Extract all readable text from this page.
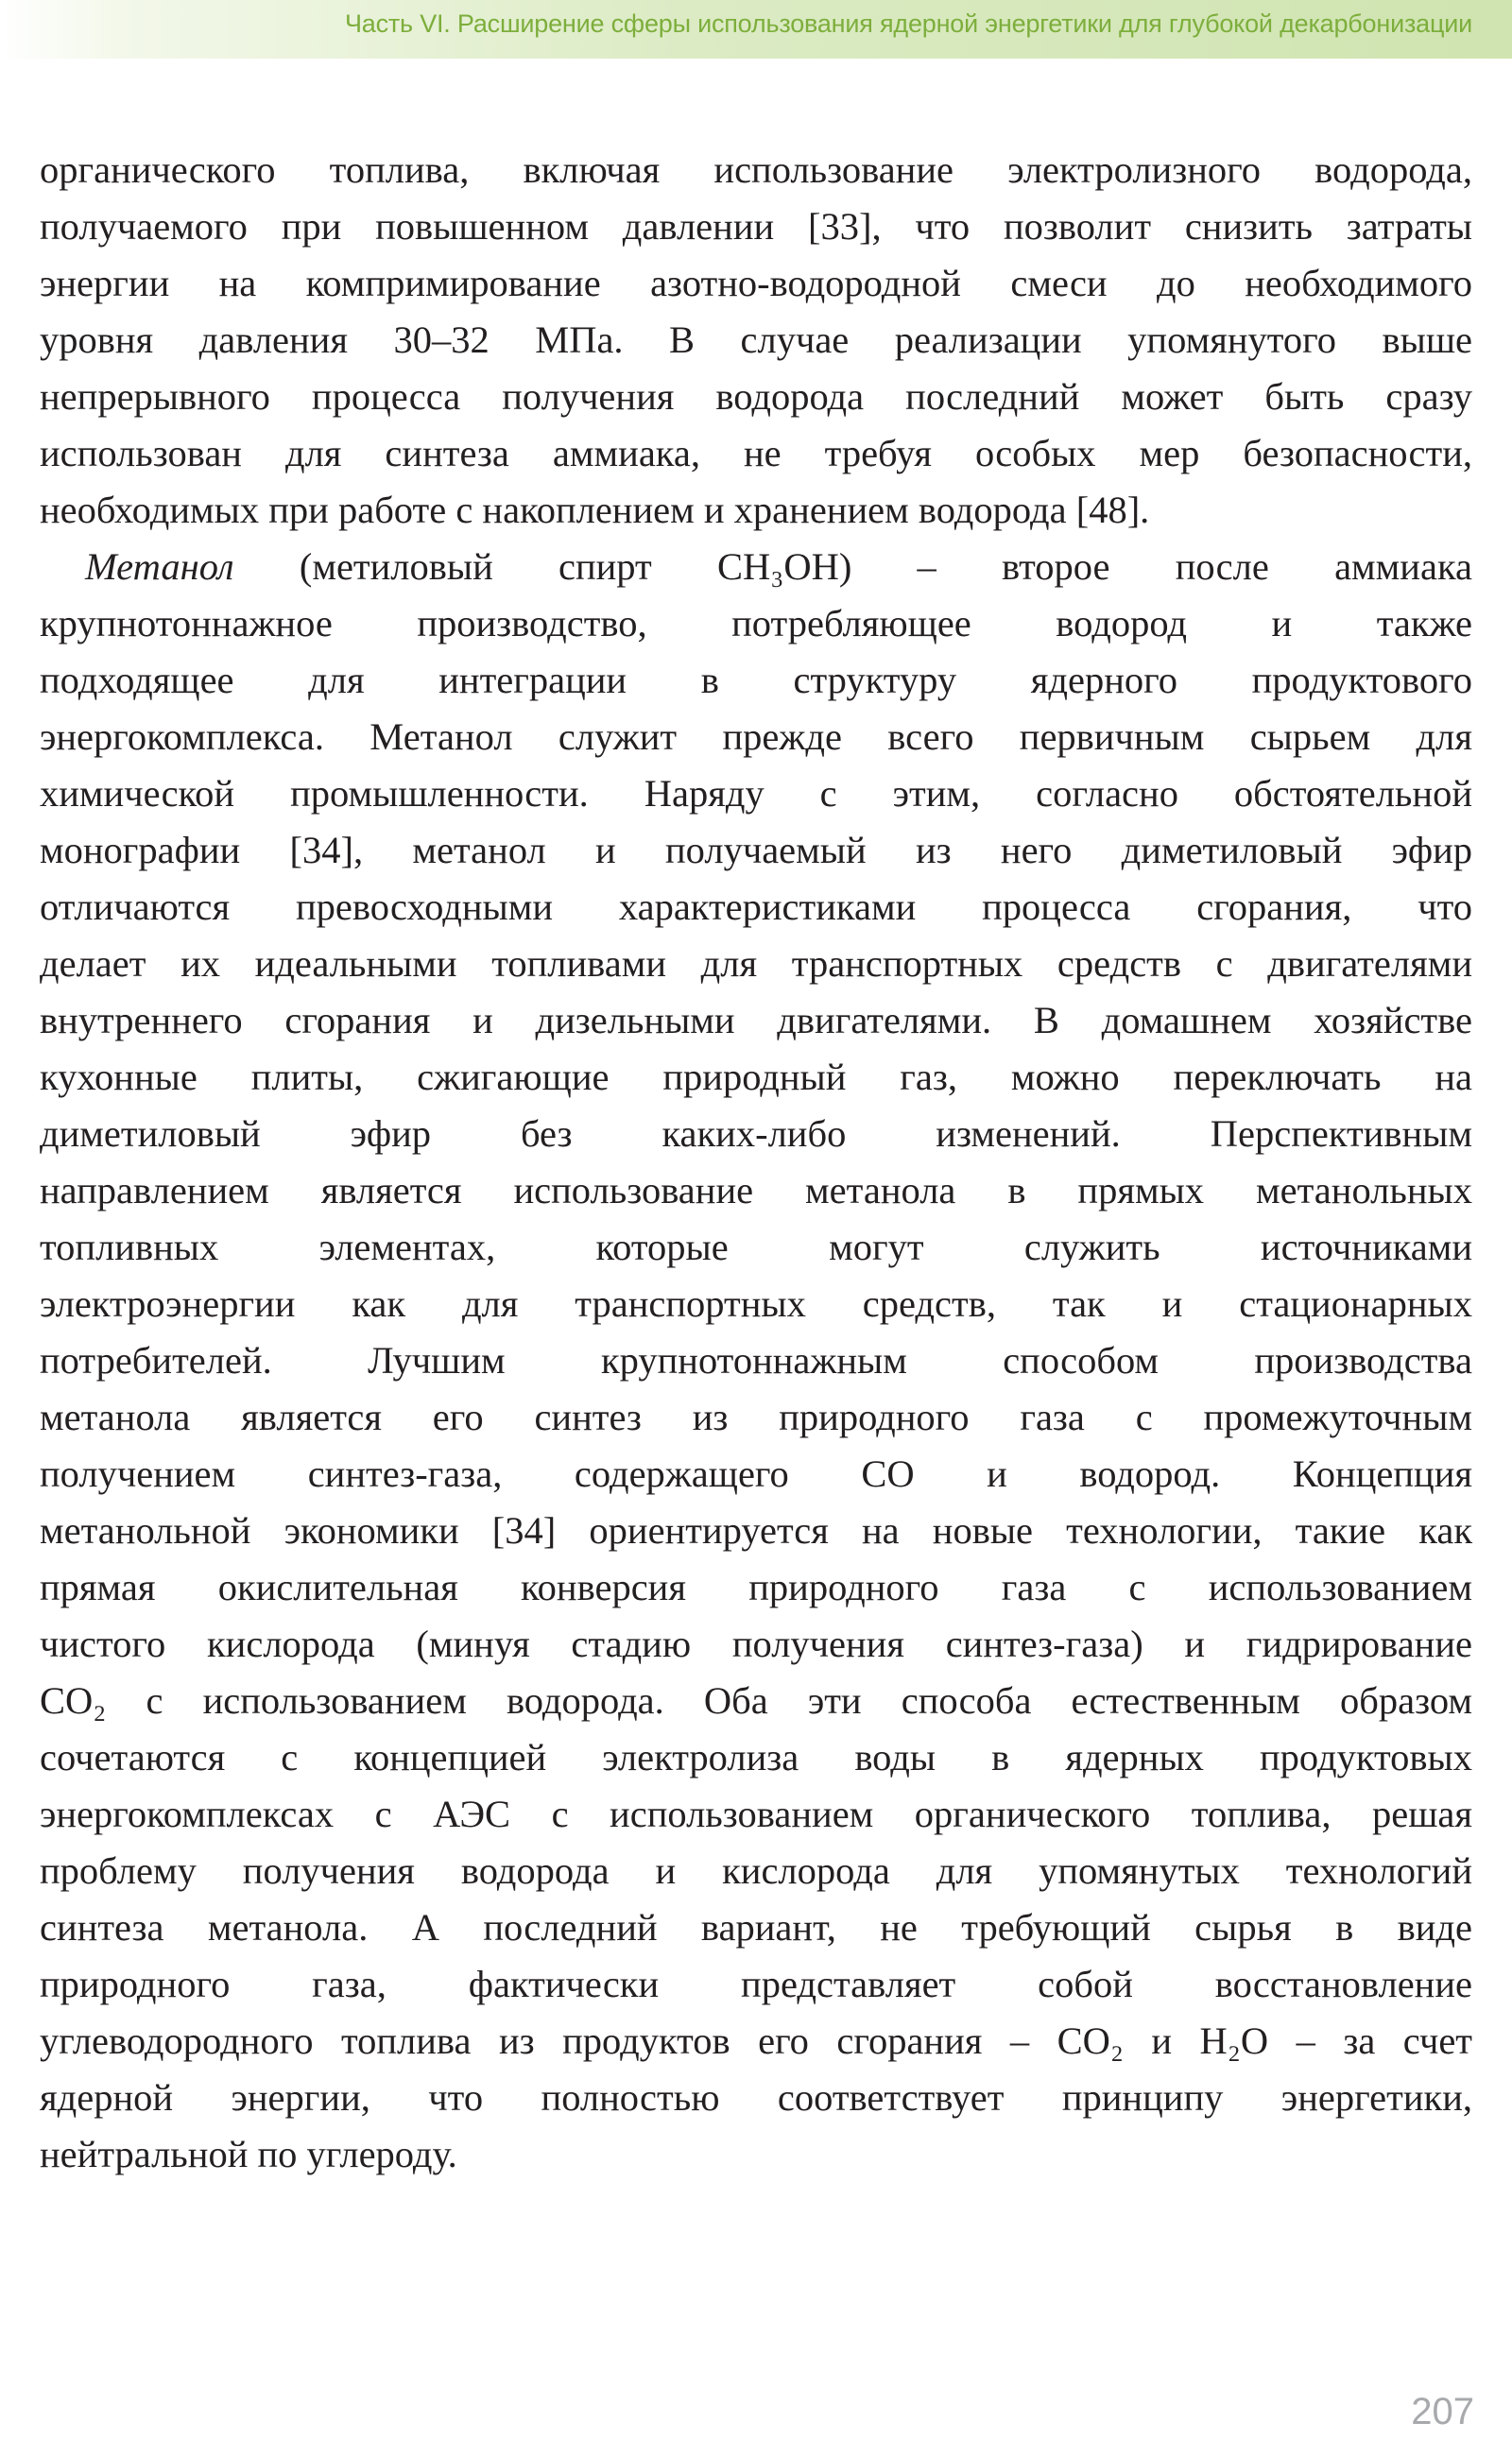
Часть VI. Расширение сферы использования ядерной энергетики для глубокой декарбонизации
органического топлива, включая использование электролизного водорода,
получаемого при повышенном давлении [33], что позволит снизить затраты
энергии на компримирование азотно-водородной смеси до необходимого
уровня давления 30–32 МПа. В случае реализации упомянутого выше
непрерывного процесса получения водорода последний может быть сразу
использован для синтеза аммиака, не требуя особых мер безопасности,
необходимых при работе с накоплением и хранением водорода [48].
Метанол (метиловый спирт CH₃OH) – второе после аммиака
крупнотоннажное производство, потребляющее водород и также
подходящее для интеграции в структуру ядерного продуктового
энергокомплекса. Метанол служит прежде всего первичным сырьем для
химической промышленности. Наряду с этим, согласно обстоятельной
монографии [34], метанол и получаемый из него диметиловый эфир
отличаются превосходными характеристиками процесса сгорания, что
делает их идеальными топливами для транспортных средств с двигателями
внутреннего сгорания и дизельными двигателями. В домашнем хозяйстве
кухонные плиты, сжигающие природный газ, можно переключать на
диметиловый эфир без каких-либо изменений. Перспективным
направлением является использование метанола в прямых метанольных
топливных элементах, которые могут служить источниками
электроэнергии как для транспортных средств, так и стационарных
потребителей. Лучшим крупнотоннажным способом производства
метанола является его синтез из природного газа с промежуточным
получением синтез-газа, содержащего CO и водород. Концепция
метанольной экономики [34] ориентируется на новые технологии, такие как
прямая окислительная конверсия природного газа с использованием
чистого кислорода (минуя стадию получения синтез-газа) и гидрирование
CO₂ с использованием водорода. Оба эти способа естественным образом
сочетаются с концепцией электролиза воды в ядерных продуктовых
энергокомплексах с АЭС с использованием органического топлива, решая
проблему получения водорода и кислорода для упомянутых технологий
синтеза метанола. А последний вариант, не требующий сырья в виде
природного газа, фактически представляет собой восстановление
углеводородного топлива из продуктов его сгорания – CO₂ и H₂O – за счет
ядерной энергии, что полностью соответствует принципу энергетики,
нейтральной по углероду.
207
